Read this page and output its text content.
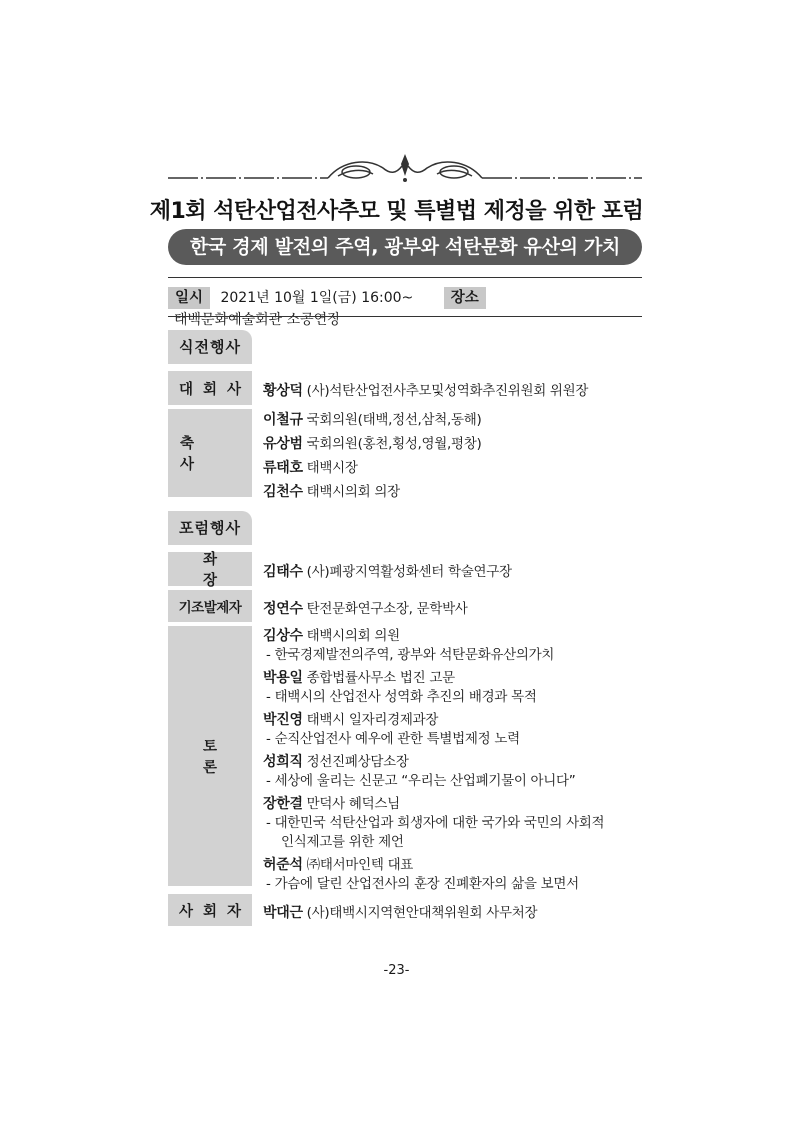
제1회 석탄산업전사추모 및 특별법 제정을 위한 포럼
한국 경제 발전의 주역, 광부와 석탄문화 유산의 가치
일시 2021년 10월 1일(금) 16:00~	장소 태백문화예술회관 소공연장
식전행사
대회사 황상덕 (사)석탄산업전사추모및성역화추진위원회 위원장
축사
이철규 국회의원(태백,정선,삼척,동해)
유상범 국회의원(홍천,횡성,영월,평창)
류태호 태백시장
김천수 태백시의회 의장
포럼행사
좌장
김태수 (사)폐광지역활성화센터 학술연구장
기조발제자	정연수 탄전문화연구소장, 문학박사
토론
김상수 태백시의회 의원
- 한국경제발전의주역, 광부와 석탄문화유산의가치
박용일 종합법률사무소 법진 고문
- 태백시의 산업전사 성역화 추진의 배경과 목적
박진영 태백시 일자리경제과장
- 순직산업전사 예우에 관한 특별법제정 노력
성희직 정선진폐상담소장
- 세상에 울리는 신문고 “우리는 산업폐기물이 아니다”
장한결 만덕사 혜덕스님
- 대한민국 석탄산업과 희생자에 대한 국가와 국민의 사회적
인식제고를 위한 제언
허준석 ㈜태서마인텍 대표
- 가슴에 달린 산업전사의 훈장 진폐환자의 삶을 보면서
사회자 박대근 (사)태백시지역현안대책위원회 사무처장
-23-
